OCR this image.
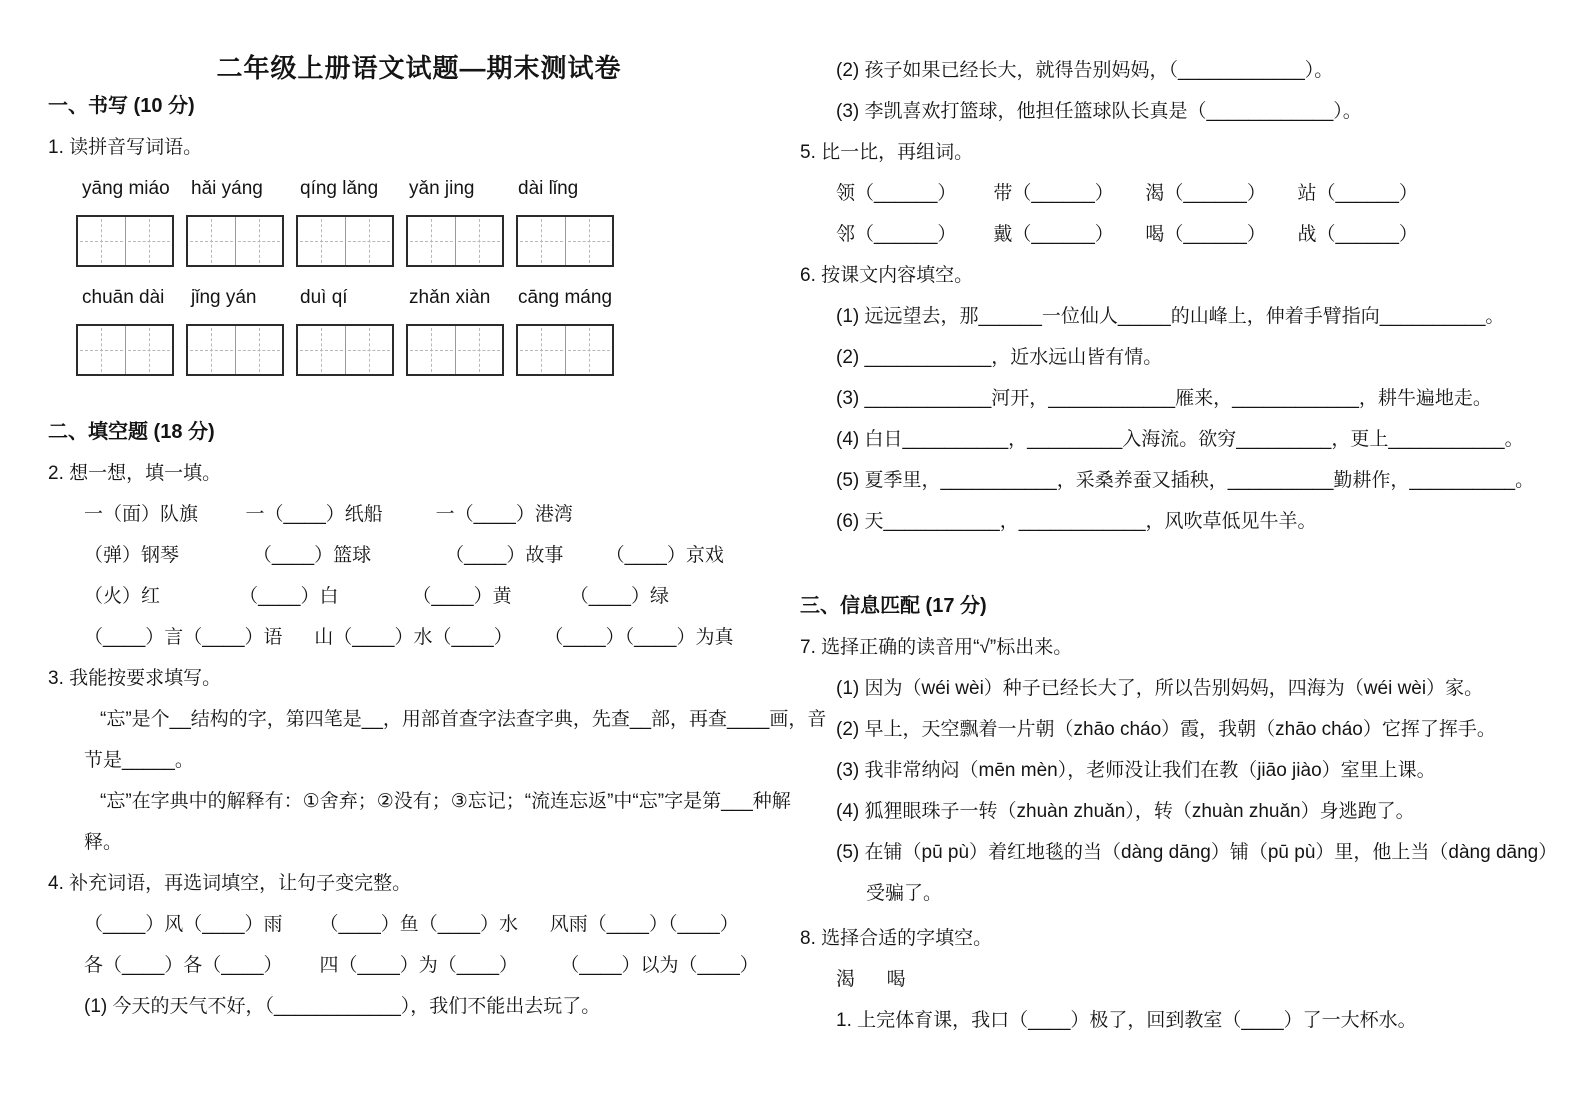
二年级上册语文试题—期末测试卷
一、书写 (10 分)
1. 读拼音写词语。
yāng miáo	hǎi yáng	qíng lǎng	yǎn jing	dài lǐng
chuān dài	jǐng yán	duì qí	zhǎn xiàn	cāng máng
二、填空题 (18 分)
2. 想一想，填一填。
一（面）队旗         一（____）纸船          一（____）港湾
（弹）钢琴              （____）篮球              （____）故事        （____）京戏
（火）红               （____）白              （____）黄           （____）绿
（____）言（____）语      山（____）水（____）      （____）（____）为真
3. 我能按要求填写。
“忘”是个__结构的字，第四笔是__，用部首查字法查字典，先查__部，再查____画，音
节是_____。
“忘”在字典中的解释有：①舍弃；②没有；③忘记；“流连忘返”中“忘”字是第___种解
释。
4. 补充词语，再选词填空，让句子变完整。
（____）风（____）雨       （____）鱼（____）水      风雨（____）（____）
各（____）各（____）       四（____）为（____）        （____）以为（____）
(1) 今天的天气不好，（____________），我们不能出去玩了。
(2) 孩子如果已经长大，就得告别妈妈，（____________）。
(3) 李凯喜欢打篮球，他担任篮球队长真是（____________）。
5. 比一比，再组词。
领（______）       带（______）      渴（______）      站（______）
邻（______）       戴（______）      喝（______）      战（______）
6. 按课文内容填空。
(1) 远远望去，那______一位仙人_____的山峰上，伸着手臂指向__________。
(2) ____________，近水远山皆有情。
(3) ____________河开，____________雁来，____________，耕牛遍地走。
(4) 白日__________，_________入海流。欲穷_________，更上___________。
(5) 夏季里，___________，采桑养蚕又插秧，__________勤耕作，__________。
(6) 天___________，____________，风吹草低见牛羊。
三、信息匹配 (17 分)
7. 选择正确的读音用“√”标出来。
(1) 因为（wéi wèi）种子已经长大了，所以告别妈妈，四海为（wéi wèi）家。
(2) 早上，天空飘着一片朝（zhāo cháo）霞，我朝（zhāo cháo）它挥了挥手。
(3) 我非常纳闷（mēn mèn），老师没让我们在教（jiāo jiào）室里上课。
(4) 狐狸眼珠子一转（zhuàn zhuǎn），转（zhuàn zhuǎn）身逃跑了。
(5) 在铺（pū pù）着红地毯的当（dàng dāng）铺（pū pù）里，他上当（dàng dāng）
受骗了。
8. 选择合适的字填空。
渴      喝
1. 上完体育课，我口（____）极了，回到教室（____）了一大杯水。
